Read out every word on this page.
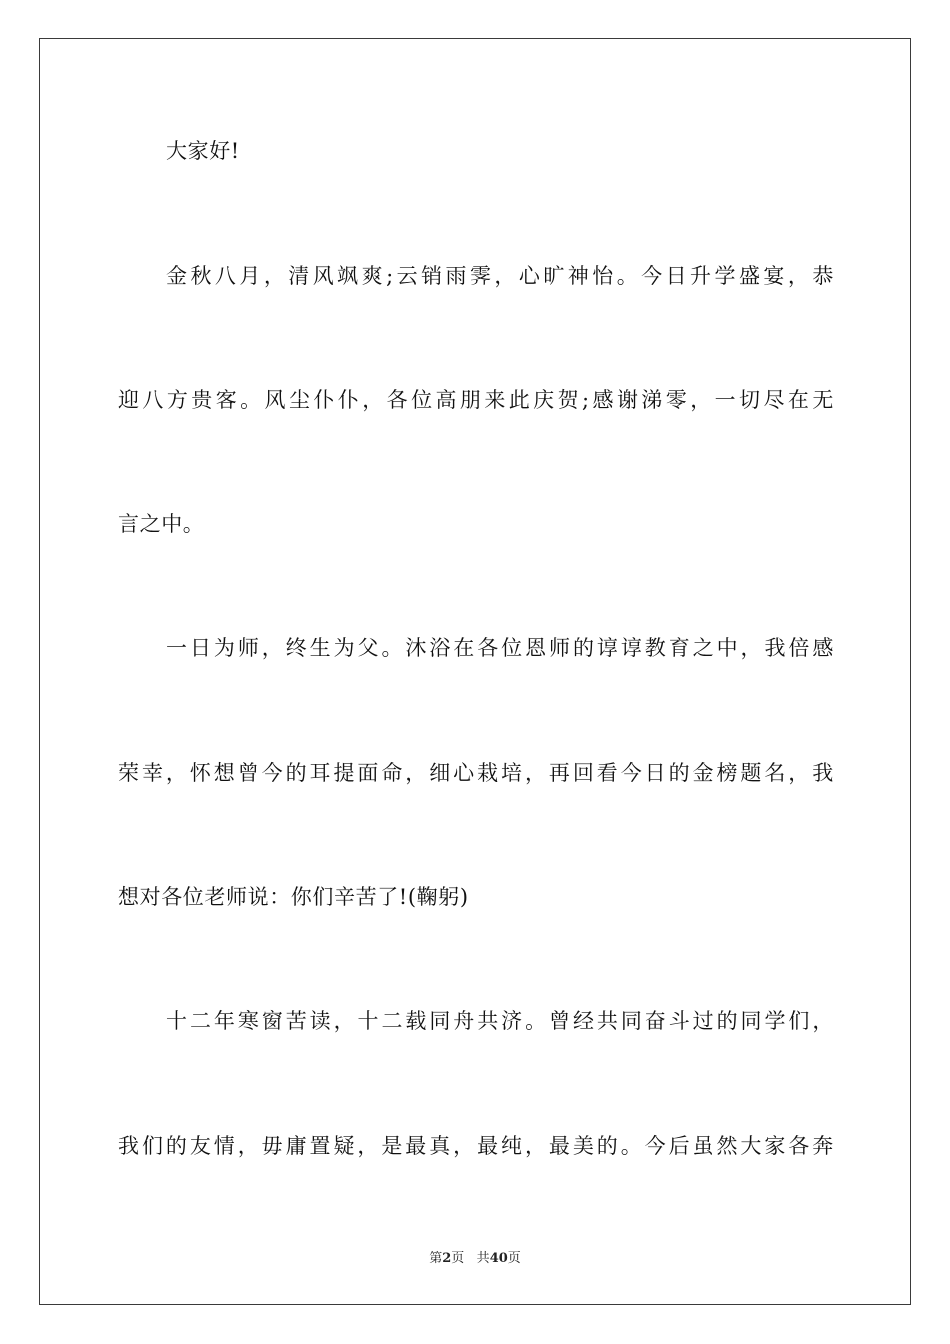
大家好!
金 秋 八 月 ， 清 风 飒 爽 ; 云 销 雨 霁 ， 心 旷 神 怡 。 今 日 升 学 盛 宴 ， 恭
迎 八 方 贵 客 。 风 尘 仆 仆 ， 各 位 高 朋 来 此 庆 贺 ; 感 谢 涕 零 ， 一 切 尽 在 无
言之中。
一 日 为 师 ， 终 生 为 父 。 沐 浴 在 各 位 恩 师 的 谆 谆 教 育 之 中 ， 我 倍 感
荣 幸 ， 怀 想 曾 今 的 耳 提 面 命 ， 细 心 栽 培 ， 再 回 看 今 日 的 金 榜 题 名 ， 我
想对各位老师说：你们辛苦了!(鞠躬)
十 二 年 寒 窗 苦 读 ， 十 二 载 同 舟 共 济 。 曾 经 共 同 奋 斗 过 的 同 学 们 ，
我 们 的 友 情 ， 毋 庸 置 疑 ， 是 最 真 ， 最 纯 ， 最 美 的 。 今 后 虽 然 大 家 各 奔
第2页 共40页
